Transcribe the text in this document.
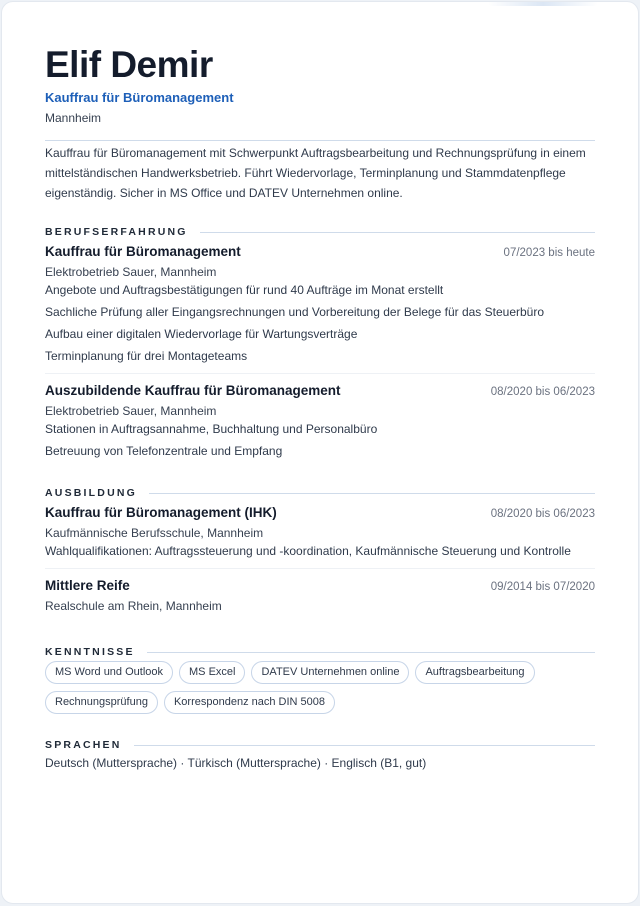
Elif Demir
Kauffrau für Büromanagement
Mannheim
Kauffrau für Büromanagement mit Schwerpunkt Auftragsbearbeitung und Rechnungsprüfung in einem mittelständischen Handwerksbetrieb. Führt Wiedervorlage, Terminplanung und Stammdatenpflege eigenständig. Sicher in MS Office und DATEV Unternehmen online.
BERUFSERFAHRUNG
Kauffrau für Büromanagement	07/2023 bis heute
Elektrobetrieb Sauer, Mannheim
Angebote und Auftragsbestätigungen für rund 40 Aufträge im Monat erstellt
Sachliche Prüfung aller Eingangsrechnungen und Vorbereitung der Belege für das Steuerbüro
Aufbau einer digitalen Wiedervorlage für Wartungsverträge
Terminplanung für drei Montageteams
Auszubildende Kauffrau für Büromanagement	08/2020 bis 06/2023
Elektrobetrieb Sauer, Mannheim
Stationen in Auftragsannahme, Buchhaltung und Personalbüro
Betreuung von Telefonzentrale und Empfang
AUSBILDUNG
Kauffrau für Büromanagement (IHK)	08/2020 bis 06/2023
Kaufmännische Berufsschule, Mannheim
Wahlqualifikationen: Auftragssteuerung und -koordination, Kaufmännische Steuerung und Kontrolle
Mittlere Reife	09/2014 bis 07/2020
Realschule am Rhein, Mannheim
KENNTNISSE
MS Word und Outlook	MS Excel	DATEV Unternehmen online	Auftragsbearbeitung
Rechnungsprüfung	Korrespondenz nach DIN 5008
SPRACHEN
Deutsch (Muttersprache) · Türkisch (Muttersprache) · Englisch (B1, gut)
